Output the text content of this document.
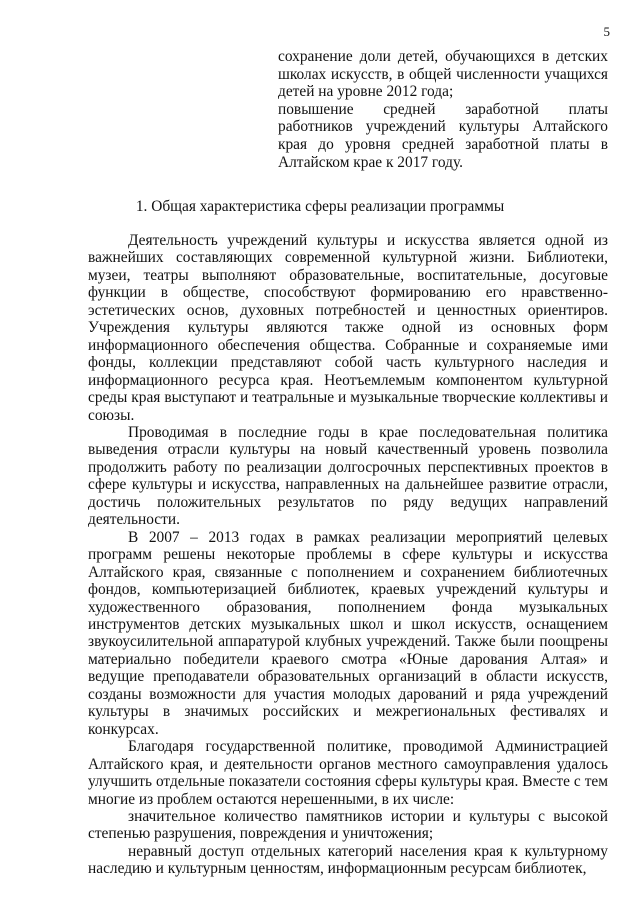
5

сохранение доли детей, обучающихся в детских школах искусств, в общей численности учащихся детей на уровне 2012 года;

повышение средней заработной платы работников учреждений культуры Алтайского края до уровня средней заработной платы в Алтайском крае к 2017 году.

1. Общая характеристика сферы реализации программы

Деятельность учреждений культуры и искусства является одной из важнейших составляющих современной культурной жизни. Библиотеки, музеи, театры выполняют образовательные, воспитательные, досуговые функции в обществе, способствуют формированию его нравственно-эстетических основ, духовных потребностей и ценностных ориентиров. Учреждения культуры являются также одной из основных форм информационного обеспечения общества. Собранные и сохраняемые ими фонды, коллекции представляют собой часть культурного наследия и информационного ресурса края. Неотъемлемым компонентом культурной среды края выступают и театральные и музыкальные творческие коллективы и союзы.

Проводимая в последние годы в крае последовательная политика выведения отрасли культуры на новый качественный уровень позволила продолжить работу по реализации долгосрочных перспективных проектов в сфере культуры и искусства, направленных на дальнейшее развитие отрасли, достичь положительных результатов по ряду ведущих направлений деятельности.

В 2007 – 2013 годах в рамках реализации мероприятий целевых программ решены некоторые проблемы в сфере культуры и искусства Алтайского края, связанные с пополнением и сохранением библиотечных фондов, компьютеризацией библиотек, краевых учреждений культуры и художественного образования, пополнением фонда музыкальных инструментов детских музыкальных школ и школ искусств, оснащением звукоусилительной аппаратурой клубных учреждений. Также были поощрены материально победители краевого смотра «Юные дарования Алтая» и ведущие преподаватели образовательных организаций в области искусств, созданы возможности для участия молодых дарований и ряда учреждений культуры в значимых российских и межрегиональных фестивалях и конкурсах.

Благодаря государственной политике, проводимой Администрацией Алтайского края, и деятельности органов местного самоуправления удалось улучшить отдельные показатели состояния сферы культуры края. Вместе с тем многие из проблем остаются нерешенными, в их числе:

значительное количество памятников истории и культуры с высокой степенью разрушения, повреждения и уничтожения;

неравный доступ отдельных категорий населения края к культурному наследию и культурным ценностям, информационным ресурсам библиотек,
